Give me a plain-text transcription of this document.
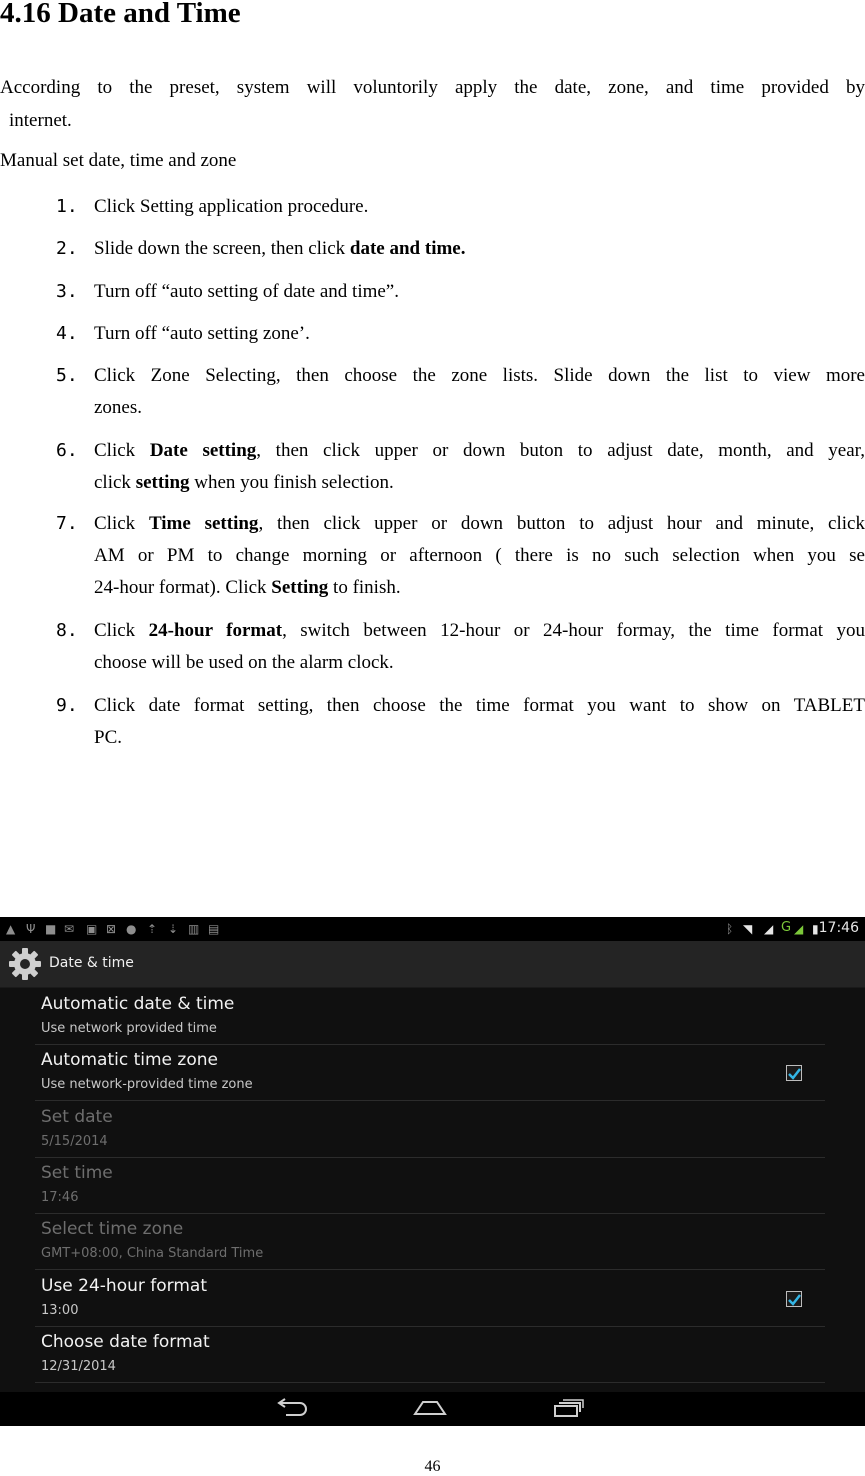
4.16 Date and Time
According to the preset, system will voluntorily apply the date, zone, and time provided by
internet.
Manual set date, time and zone
1. Click Setting application procedure.
2. Slide down the screen, then click date and time.
3. Turn off “auto setting of date and time”.
4. Turn off “auto setting zone’.
5. Click Zone Selecting, then choose the zone lists. Slide down the list to view more
zones.
6. Click Date setting, then click upper or down buton to adjust date, month, and year,
click setting when you finish selection.
7. Click Time setting, then click upper or down button to adjust hour and minute, click
AM or PM to change morning or afternoon ( there is no such selection when you se
24-hour format). Click Setting to finish.
8. Click 24-hour format, switch between 12-hour or 24-hour formay, the time format you
choose will be used on the alarm clock.
9. Click date format setting, then choose the time format you want to show on TABLET
PC.
▲ Ψ ■ ✉ ▣ ⊠ ● ⇡ ⇣ ▥ ▤	ᛒ ◥ ◢ G ◢ ▮ 17:46
Date & time
Automatic date & time
Use network provided time
Automatic time zone
Use network-provided time zone
Set date
5/15/2014
Set time
17:46
Select time zone
GMT+08:00, China Standard Time
Use 24-hour format
13:00
Choose date format
12/31/2014
46
